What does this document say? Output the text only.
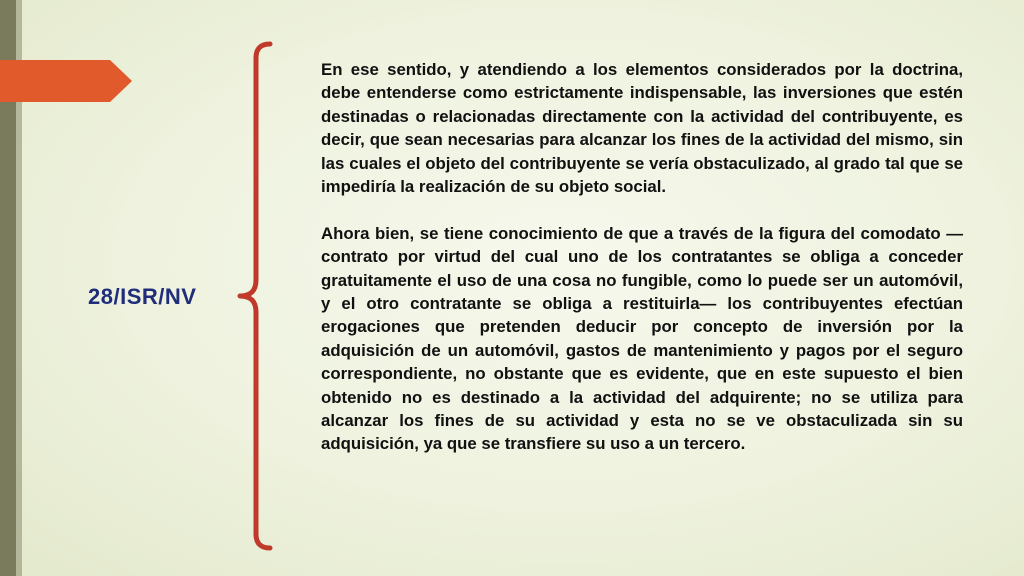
28/ISR/NV

En ese sentido, y atendiendo a los elementos considerados por la doctrina, debe entenderse como estrictamente indispensable, las inversiones que estén destinadas o relacionadas directamente con la actividad del contribuyente, es decir, que sean necesarias para alcanzar los fines de la actividad del mismo, sin las cuales el objeto del contribuyente se vería obstaculizado, al grado tal que se impediría la realización de su objeto social.

Ahora bien, se tiene conocimiento de que a través de la figura del comodato —contrato por virtud del cual uno de los contratantes se obliga a conceder gratuitamente el uso de una cosa no fungible, como lo puede ser un automóvil, y el otro contratante se obliga a restituirla— los contribuyentes efectúan erogaciones que pretenden deducir por concepto de inversión por la adquisición de un automóvil, gastos de mantenimiento y pagos por el seguro correspondiente, no obstante que es evidente, que en este supuesto el bien obtenido no es destinado a la actividad del adquirente; no se utiliza para alcanzar los fines de su actividad y esta no se ve obstaculizada sin su adquisición, ya que se transfiere su uso a un tercero.
